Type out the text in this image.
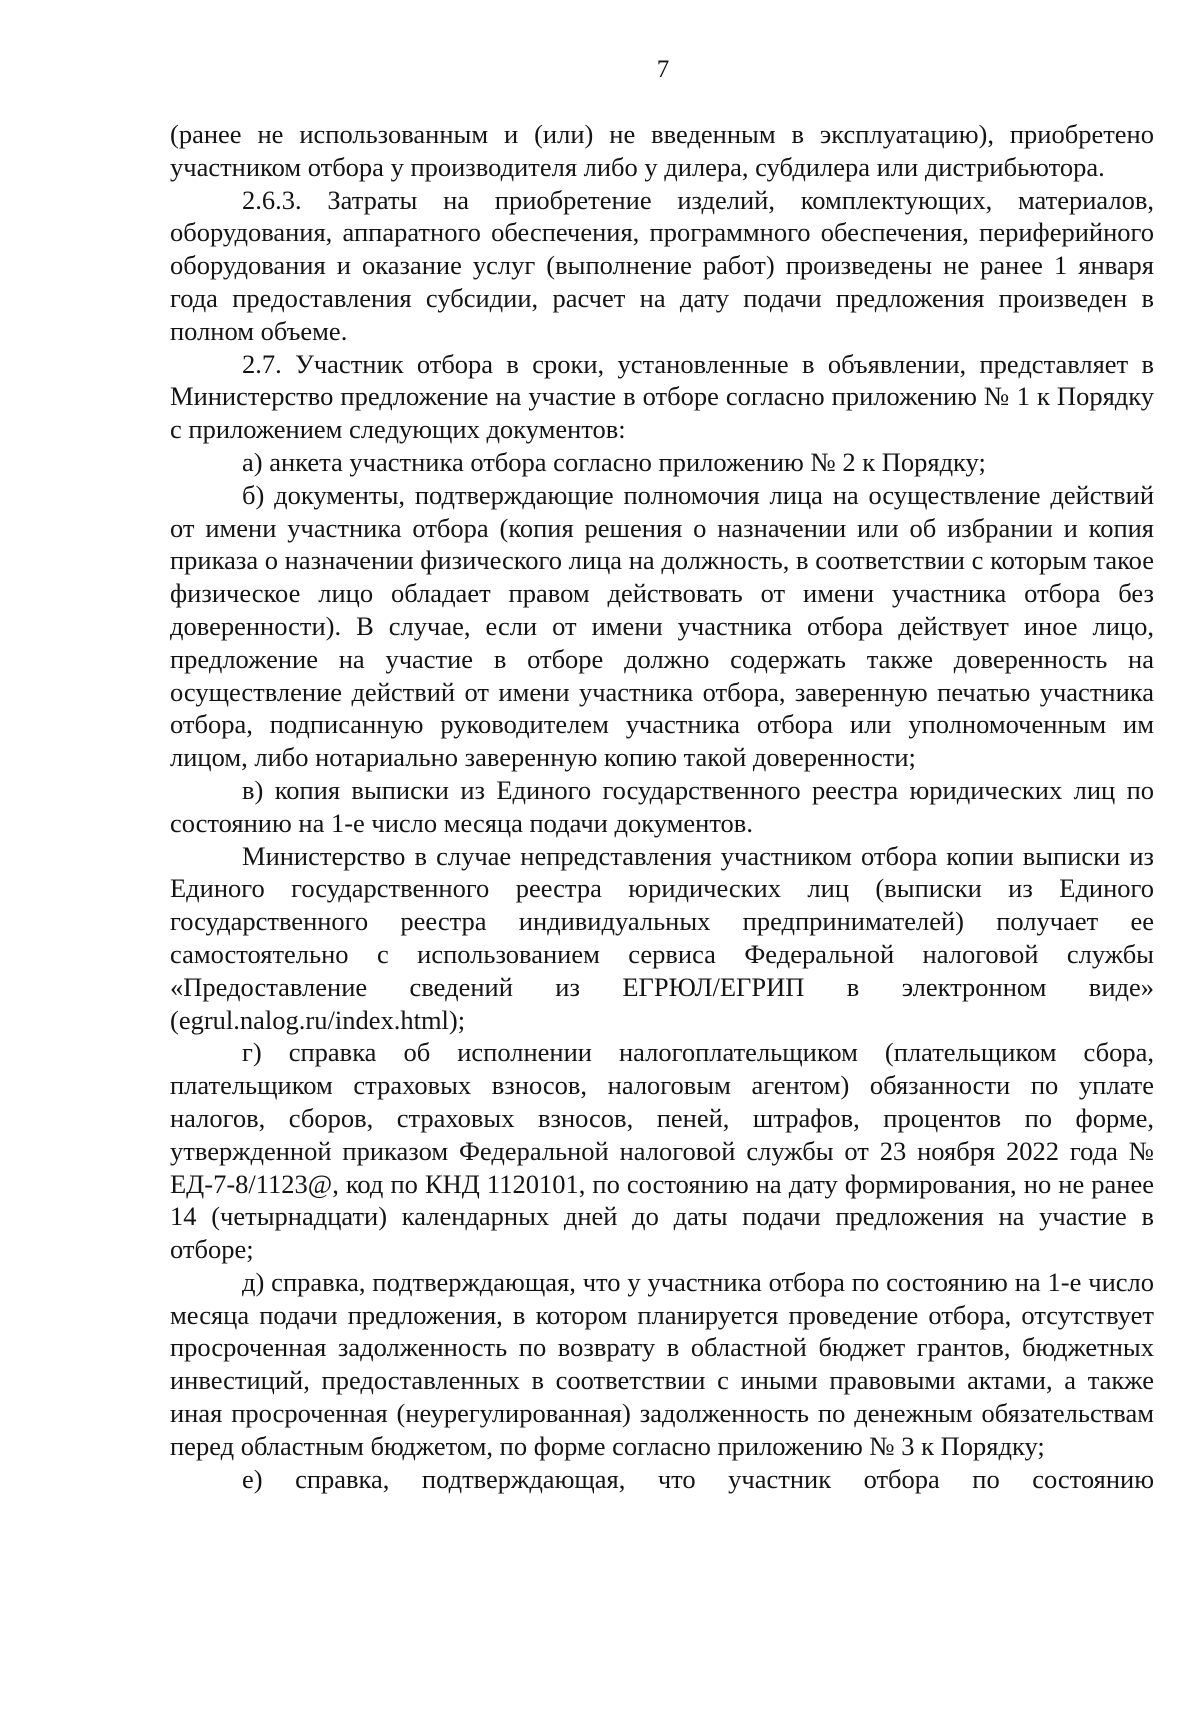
7

(ранее не использованным и (или) не введенным в эксплуатацию), приобретено участником отбора у производителя либо у дилера, субдилера или дистрибьютора.

2.6.3. Затраты на приобретение изделий, комплектующих, материалов, оборудования, аппаратного обеспечения, программного обеспечения, периферийного оборудования и оказание услуг (выполнение работ) произведены не ранее 1 января года предоставления субсидии, расчет на дату подачи предложения произведен в полном объеме.

2.7. Участник отбора в сроки, установленные в объявлении, представляет в Министерство предложение на участие в отборе согласно приложению № 1 к Порядку с приложением следующих документов:

а) анкета участника отбора согласно приложению № 2 к Порядку;

б) документы, подтверждающие полномочия лица на осуществление действий от имени участника отбора (копия решения о назначении или об избрании и копия приказа о назначении физического лица на должность, в соответствии с которым такое физическое лицо обладает правом действовать от имени участника отбора без доверенности). В случае, если от имени участника отбора действует иное лицо, предложение на участие в отборе должно содержать также доверенность на осуществление действий от имени участника отбора, заверенную печатью участника отбора, подписанную руководителем участника отбора или уполномоченным им лицом, либо нотариально заверенную копию такой доверенности;

в) копия выписки из Единого государственного реестра юридических лиц по состоянию на 1-е число месяца подачи документов.

Министерство в случае непредставления участником отбора копии выписки из Единого государственного реестра юридических лиц (выписки из Единого государственного реестра индивидуальных предпринимателей) получает ее самостоятельно с использованием сервиса Федеральной налоговой службы «Предоставление сведений из ЕГРЮЛ/ЕГРИП в электронном виде» (egrul.nalog.ru/index.html);

г) справка об исполнении налогоплательщиком (плательщиком сбора, плательщиком страховых взносов, налоговым агентом) обязанности по уплате налогов, сборов, страховых взносов, пеней, штрафов, процентов по форме, утвержденной приказом Федеральной налоговой службы от 23 ноября 2022 года № ЕД-7-8/1123@, код по КНД 1120101, по состоянию на дату формирования, но не ранее 14 (четырнадцати) календарных дней до даты подачи предложения на участие в отборе;

д) справка, подтверждающая, что у участника отбора по состоянию на 1-е число месяца подачи предложения, в котором планируется проведение отбора, отсутствует просроченная задолженность по возврату в областной бюджет грантов, бюджетных инвестиций, предоставленных в соответствии с иными правовыми актами, а также иная просроченная (неурегулированная) задолженность по денежным обязательствам перед областным бюджетом, по форме согласно приложению № 3 к Порядку;

е) справка, подтверждающая, что участник отбора по состоянию
